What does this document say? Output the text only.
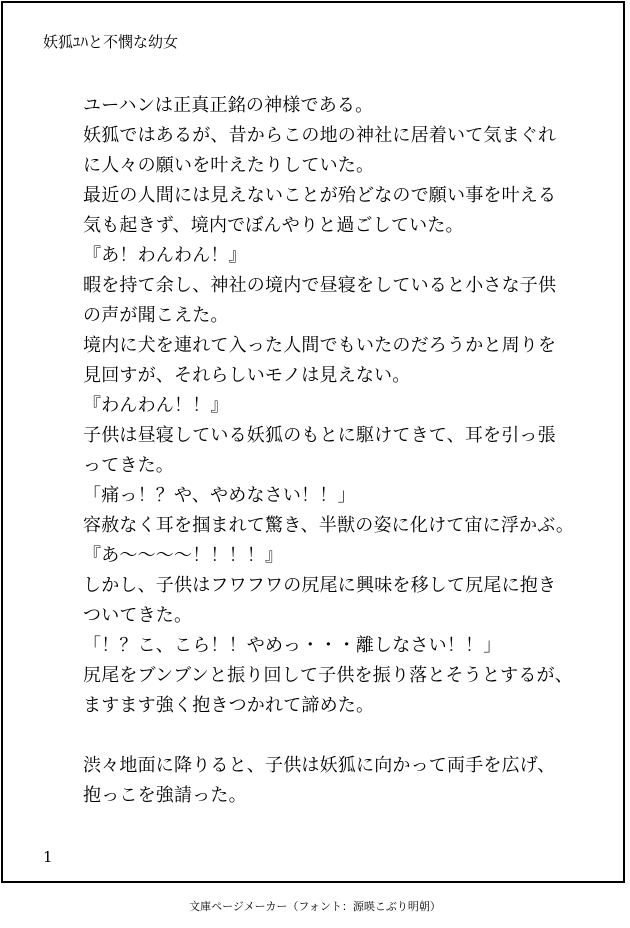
妖狐ﾕﾊと不憫な幼女
ユーハンは正真正銘の神様である。
妖狐ではあるが、昔からこの地の神社に居着いて気まぐれ
に人々の願いを叶えたりしていた。
最近の人間には見えないことが殆どなので願い事を叶える
気も起きず、境内でぼんやりと過ごしていた。
『あ！わんわん！』
暇を持て余し、神社の境内で昼寝をしていると小さな子供
の声が聞こえた。
境内に犬を連れて入った人間でもいたのだろうかと周りを
見回すが、それらしいモノは見えない。
『わんわん！！』
子供は昼寝している妖狐のもとに駆けてきて、耳を引っ張
ってきた。
「痛っ！？や、やめなさい！！」
容赦なく耳を掴まれて驚き、半獣の姿に化けて宙に浮かぶ。
『あ〜〜〜〜！！！！』
しかし、子供はフワフワの尻尾に興味を移して尻尾に抱き
ついてきた。
「！？こ、こら！！やめっ・・・離しなさい！！」
尻尾をブンブンと振り回して子供を振り落とそうとするが、
ますます強く抱きつかれて諦めた。
渋々地面に降りると、子供は妖狐に向かって両手を広げ、
抱っこを強請った。
1
文庫ページメーカー（フォント：源暎こぶり明朝）
